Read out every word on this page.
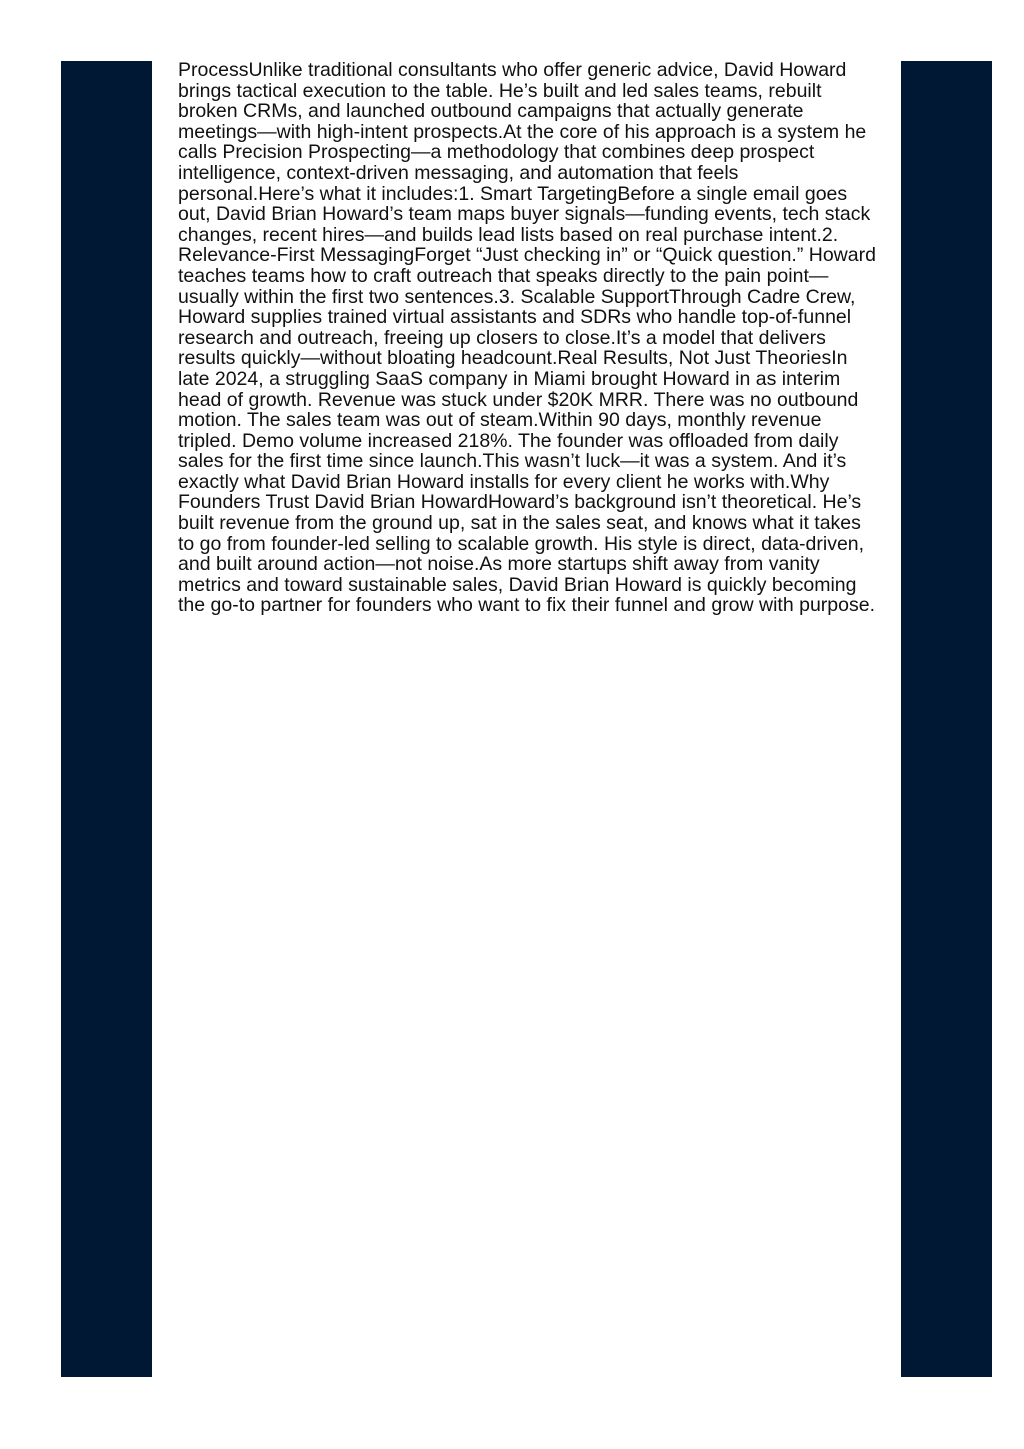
ProcessUnlike traditional consultants who offer generic advice, David Howard brings tactical execution to the table. He’s built and led sales teams, rebuilt broken CRMs, and launched outbound campaigns that actually generate meetings—with high-intent prospects.At the core of his approach is a system he calls Precision Prospecting—a methodology that combines deep prospect intelligence, context-driven messaging, and automation that feels personal.Here’s what it includes:1. Smart TargetingBefore a single email goes out, David Brian Howard’s team maps buyer signals—funding events, tech stack changes, recent hires—and builds lead lists based on real purchase intent.2. Relevance-First MessagingForget “Just checking in” or “Quick question.” Howard teaches teams how to craft outreach that speaks directly to the pain point—usually within the first two sentences.3. Scalable SupportThrough Cadre Crew, Howard supplies trained virtual assistants and SDRs who handle top-of-funnel research and outreach, freeing up closers to close.It’s a model that delivers results quickly—without bloating headcount.Real Results, Not Just TheoriesIn late 2024, a struggling SaaS company in Miami brought Howard in as interim head of growth. Revenue was stuck under $20K MRR. There was no outbound motion. The sales team was out of steam.Within 90 days, monthly revenue tripled. Demo volume increased 218%. The founder was offloaded from daily sales for the first time since launch.This wasn’t luck—it was a system. And it’s exactly what David Brian Howard installs for every client he works with.Why Founders Trust David Brian HowardHoward’s background isn’t theoretical. He’s built revenue from the ground up, sat in the sales seat, and knows what it takes to go from founder-led selling to scalable growth. His style is direct, data-driven, and built around action—not noise.As more startups shift away from vanity metrics and toward sustainable sales, David Brian Howard is quickly becoming the go-to partner for founders who want to fix their funnel and grow with purpose.
